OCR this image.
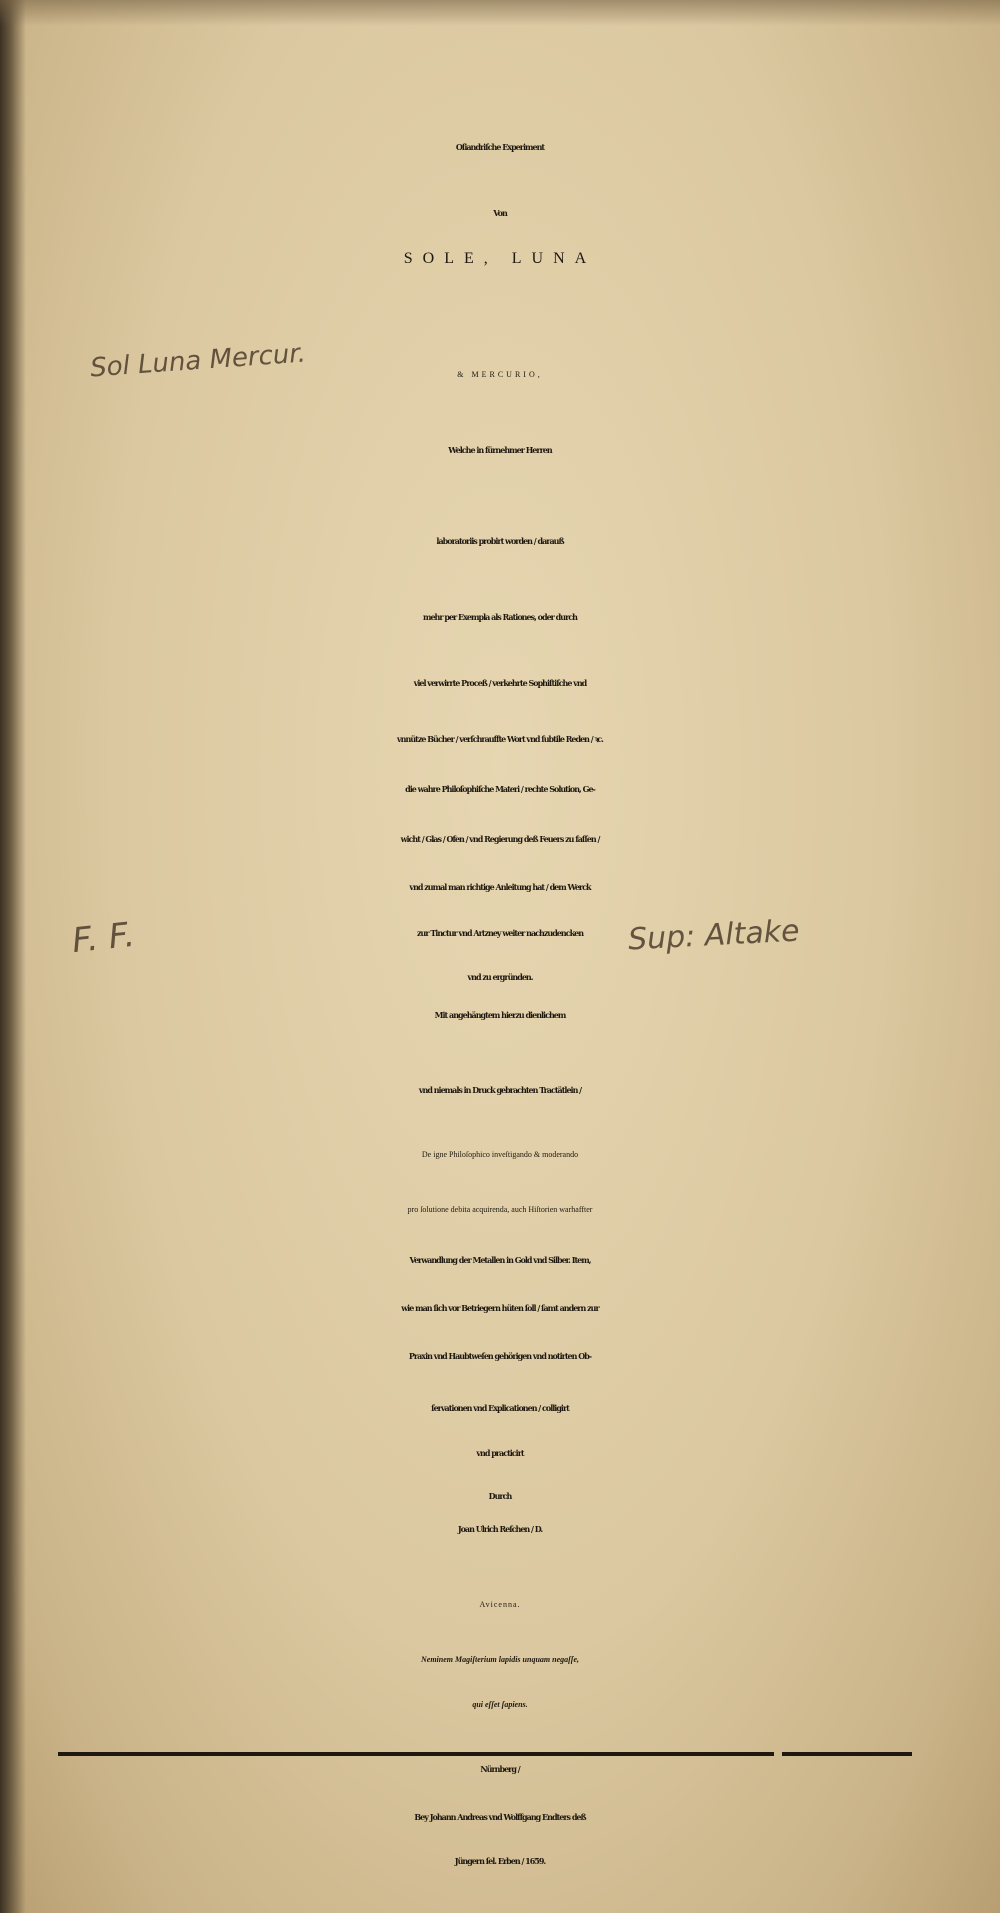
Oſiandriſche Experiment
Von
SOLE, LUNA
& MERCURIO,
Welche in fürnehmer Herren
laboratoriis probirt worden / darauß
mehr per Exempla als Rationes, oder durch
viel verwirrte Proceß / verkehrte Sophiſtiſche vnd
vnnütze Bücher / verſchrauffte Wort vnd ſubtile Reden / ꝛc.
die wahre Philoſophiſche Materi / rechte Solution, Ge-
wicht / Glas / Ofen / vnd Regierung deß Feuers zu faſſen /
vnd zumal man richtige Anleitung hat / dem Werck
zur Tinctur vnd Artzney weiter nachzudencken
vnd zu ergründen.
Mit angehängtem hierzu dienlichem
vnd niemals in Druck gebrachten Tractätlein /
De igne Philoſophico inveſtigando & moderando
pro ſolutione debita acquirenda, auch Hiſtorien warhaffter
Verwandlung der Metallen in Gold vnd Silber. Item,
wie man ſich vor Betriegern hüten ſoll / ſamt andern zur
Praxin vnd Haubtweſen gehörigen vnd notirten Ob-
ſervationen vnd Explicationen / colligirt
vnd practicirt
Durch
Joan Ulrich Reſchen / D.
Avicenna.
Neminem Magiſterium lapidis unquam negaſſe,
qui eſſet ſapiens.
Nürnberg /
Bey Johann Andreas vnd Wolffgang Endters deß
Jüngern ſel. Erben / 1659.
Sol Luna Mercur.
F. F.	Sup: Altake
